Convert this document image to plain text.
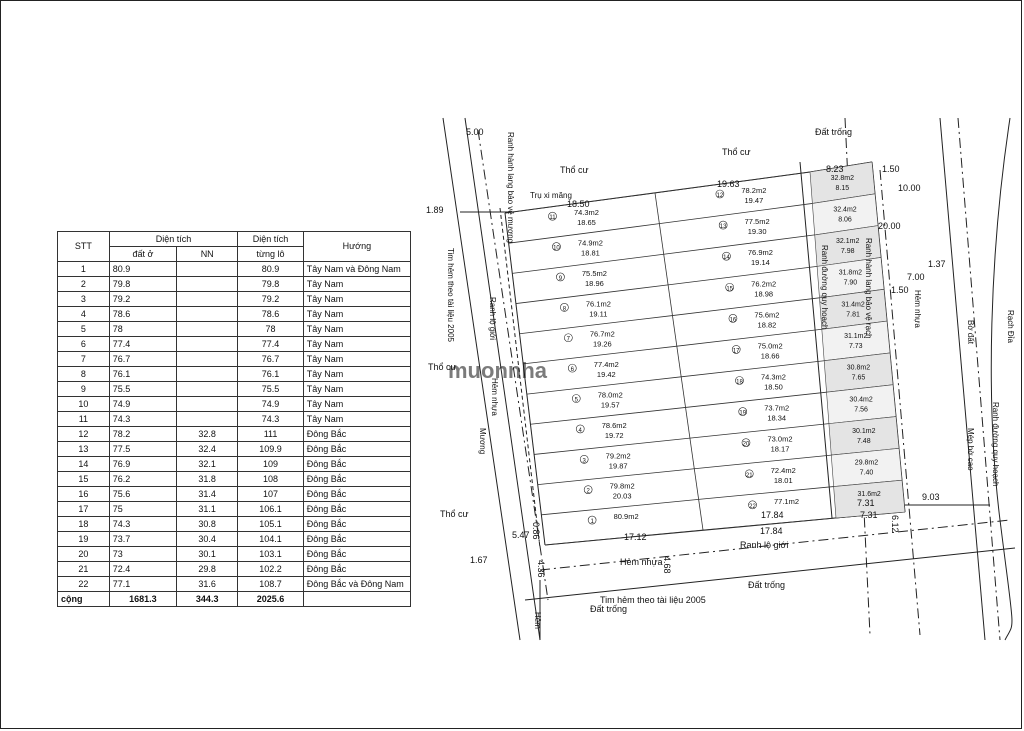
STT	Diện tích		Diện tích	Hướng
	đất ở	NN	từng lô	
1	80.9		80.9	Tây Nam và Đông Nam
2	79.8		79.8	Tây Nam
3	79.2		79.2	Tây Nam
4	78.6		78.6	Tây Nam
5	78		78	Tây Nam
6	77.4		77.4	Tây Nam
7	76.7		76.7	Tây Nam
8	76.1		76.1	Tây Nam
9	75.5		75.5	Tây Nam
10	74.9		74.9	Tây Nam
11	74.3		74.3	Tây Nam
12	78.2	32.8	111	Đông Bắc
13	77.5	32.4	109.9	Đông Bắc
14	76.9	32.1	109	Đông Bắc
15	76.2	31.8	108	Đông Bắc
16	75.6	31.4	107	Đông Bắc
17	75	31.1	106.1	Đông Bắc
18	74.3	30.8	105.1	Đông Bắc
19	73.7	30.4	104.1	Đông Bắc
20	73	30.1	103.1	Đông Bắc
21	72.4	29.8	102.2	Đông Bắc
22	77.1	31.6	108.7	Đông Bắc và Đông Nam
cộng	1681.3	344.3	2025.6	
11
74.3m2
18.65
10
74.9m2
18.81
9
75.5m2
18.96
8
76.1m2
19.11
7
76.7m2
19.26
6
77.4m2
19.42
5
78.0m2
19.57
4
78.6m2
19.72
3
79.2m2
19.87
2
79.8m2
20.03
1
80.9m2
12
78.2m2
19.47
13
77.5m2
19.30
14
76.9m2
19.14
15
76.2m2
18.98
16
75.6m2
18.82
17
75.0m2
18.66
18
74.3m2
18.50
19
73.7m2
18.34
20
73.0m2
18.17
21
72.4m2
18.01
22
77.1m2
32.8m2
8.15
32.4m2
8.06
32.1m2
7.98
31.8m2
7.90
31.4m2
7.81
31.1m2
7.73
30.8m2
7.65
30.4m2
7.56
30.1m2
7.48
29.8m2
7.40
31.6m2
muonnha
Thổ cư
Thổ cư
Thổ cư
Thổ cư
Đất trống
Đất trống
Đất trống
Trụ xi măng
Tim hẻm theo tài liệu 2005
Hẻm nhựa
Ranh lộ giới
Ranh hành lang bảo vệ mương
Tim hẻm theo tài liệu 2005	Ranh lộ giới
Hẻm nhựa
Mương
Hẻm
Ranh đường quy hoạch	Ranh hành lang bảo vệ rạch	Hẻm nhựa
Bờ đất
Mép bờ cao Ranh đường quy hoạch
Rạch Đỉa
5.00
1.89
18.50
19.63
8.23	1.50
10.00
20.00
1.37
7.00
1.50
9.03
7.31
7.31 6.12
17.12
17.84
17.84
5.47 0.86
1.67	4.36	4.68
